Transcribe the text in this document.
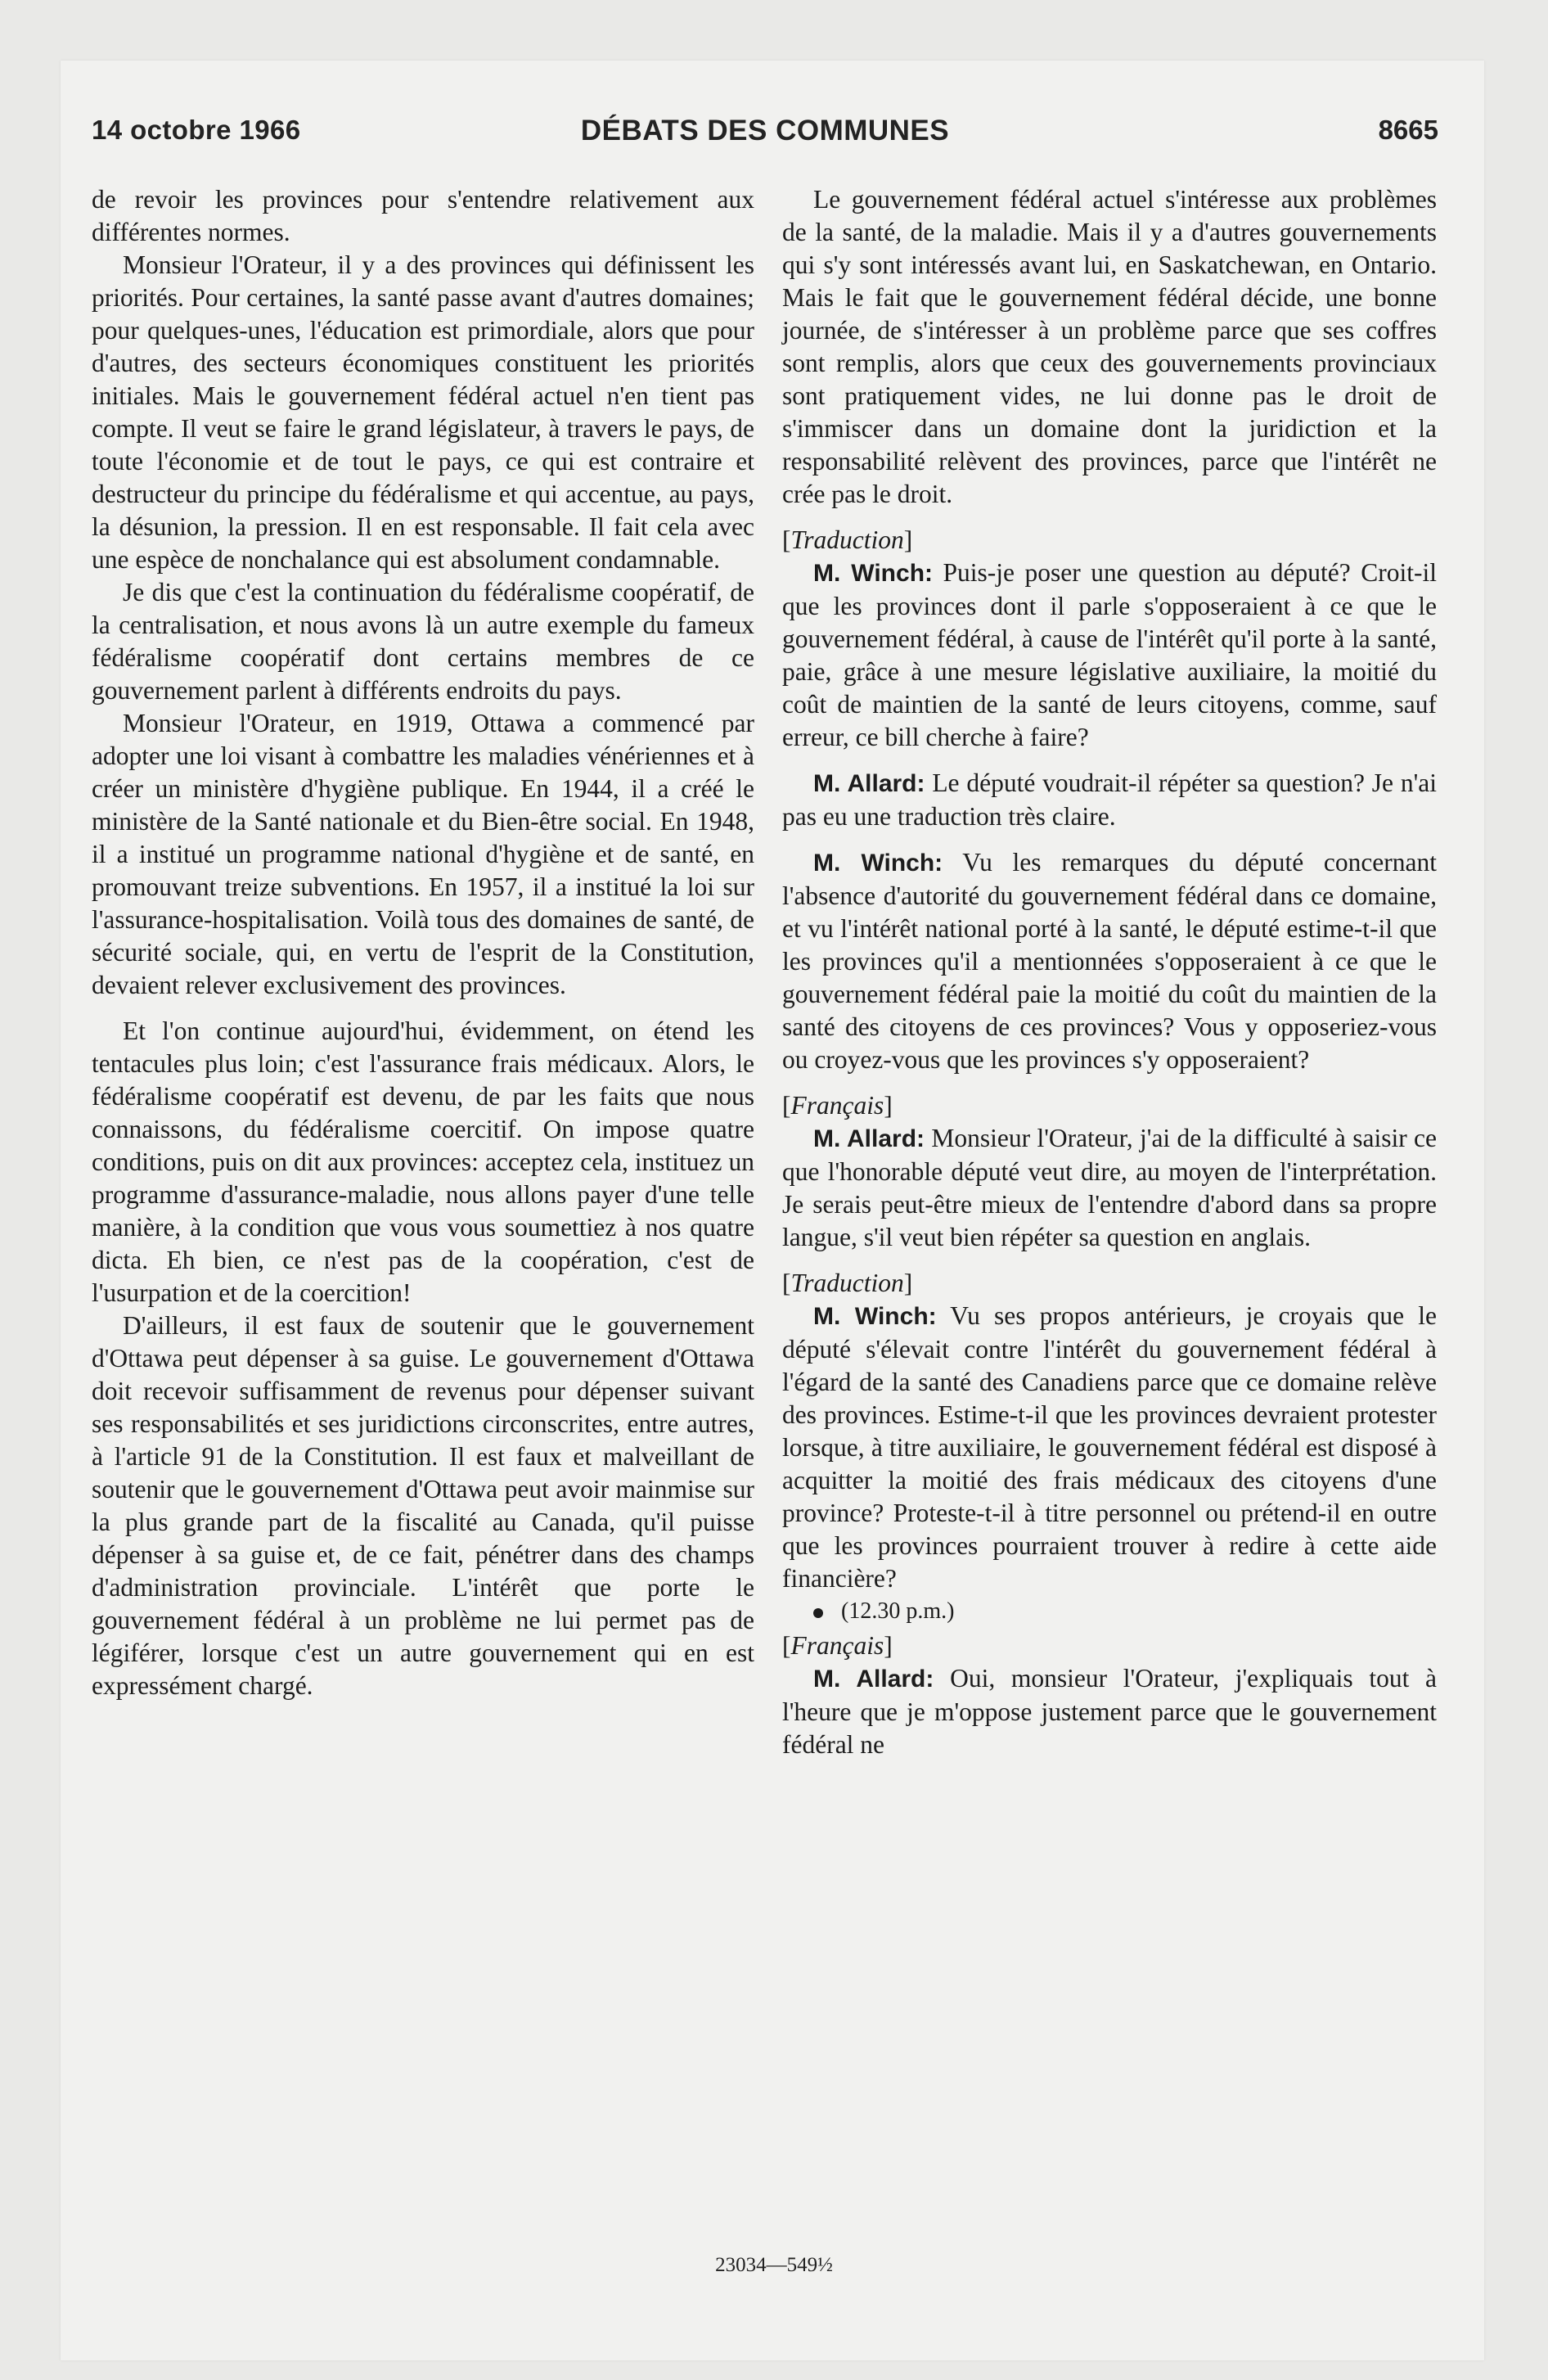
14 octobre 1966	DÉBATS DES COMMUNES	8665

de revoir les provinces pour s'entendre relativement aux différentes normes.

Monsieur l'Orateur, il y a des provinces qui définissent les priorités. Pour certaines, la santé passe avant d'autres domaines; pour quelques-unes, l'éducation est primordiale, alors que pour d'autres, des secteurs économiques constituent les priorités initiales. Mais le gouvernement fédéral actuel n'en tient pas compte. Il veut se faire le grand législateur, à travers le pays, de toute l'économie et de tout le pays, ce qui est contraire et destructeur du principe du fédéralisme et qui accentue, au pays, la désunion, la pression. Il en est responsable. Il fait cela avec une espèce de nonchalance qui est absolument condamnable.

Je dis que c'est la continuation du fédéralisme coopératif, de la centralisation, et nous avons là un autre exemple du fameux fédéralisme coopératif dont certains membres de ce gouvernement parlent à différents endroits du pays.

Monsieur l'Orateur, en 1919, Ottawa a commencé par adopter une loi visant à combattre les maladies vénériennes et à créer un ministère d'hygiène publique. En 1944, il a créé le ministère de la Santé nationale et du Bien-être social. En 1948, il a institué un programme national d'hygiène et de santé, en promouvant treize subventions. En 1957, il a institué la loi sur l'assurance-hospitalisation. Voilà tous des domaines de santé, de sécurité sociale, qui, en vertu de l'esprit de la Constitution, devaient relever exclusivement des provinces.

Et l'on continue aujourd'hui, évidemment, on étend les tentacules plus loin; c'est l'assurance frais médicaux. Alors, le fédéralisme coopératif est devenu, de par les faits que nous connaissons, du fédéralisme coercitif. On impose quatre conditions, puis on dit aux provinces: acceptez cela, instituez un programme d'assurance-maladie, nous allons payer d'une telle manière, à la condition que vous vous soumettiez à nos quatre dicta. Eh bien, ce n'est pas de la coopération, c'est de l'usurpation et de la coercition!

D'ailleurs, il est faux de soutenir que le gouvernement d'Ottawa peut dépenser à sa guise. Le gouvernement d'Ottawa doit recevoir suffisamment de revenus pour dépenser suivant ses responsabilités et ses juridictions circonscrites, entre autres, à l'article 91 de la Constitution. Il est faux et malveillant de soutenir que le gouvernement d'Ottawa peut avoir mainmise sur la plus grande part de la fiscalité au Canada, qu'il puisse dépenser à sa guise et, de ce fait, pénétrer dans des champs d'administration provinciale. L'intérêt que porte le gouvernement fédéral à un problème ne lui permet pas de légiférer, lorsque c'est un autre gouvernement qui en est expressément chargé.

Le gouvernement fédéral actuel s'intéresse aux problèmes de la santé, de la maladie. Mais il y a d'autres gouvernements qui s'y sont intéressés avant lui, en Saskatchewan, en Ontario. Mais le fait que le gouvernement fédéral décide, une bonne journée, de s'intéresser à un problème parce que ses coffres sont remplis, alors que ceux des gouvernements provinciaux sont pratiquement vides, ne lui donne pas le droit de s'immiscer dans un domaine dont la juridiction et la responsabilité relèvent des provinces, parce que l'intérêt ne crée pas le droit.

[Traduction]

M. Winch: Puis-je poser une question au député? Croit-il que les provinces dont il parle s'opposeraient à ce que le gouvernement fédéral, à cause de l'intérêt qu'il porte à la santé, paie, grâce à une mesure législative auxiliaire, la moitié du coût de maintien de la santé de leurs citoyens, comme, sauf erreur, ce bill cherche à faire?

M. Allard: Le député voudrait-il répéter sa question? Je n'ai pas eu une traduction très claire.

M. Winch: Vu les remarques du député concernant l'absence d'autorité du gouvernement fédéral dans ce domaine, et vu l'intérêt national porté à la santé, le député estime-t-il que les provinces qu'il a mentionnées s'opposeraient à ce que le gouvernement fédéral paie la moitié du coût du maintien de la santé des citoyens de ces provinces? Vous y opposeriez-vous ou croyez-vous que les provinces s'y opposeraient?

[Français]

M. Allard: Monsieur l'Orateur, j'ai de la difficulté à saisir ce que l'honorable député veut dire, au moyen de l'interprétation. Je serais peut-être mieux de l'entendre d'abord dans sa propre langue, s'il veut bien répéter sa question en anglais.

[Traduction]

M. Winch: Vu ses propos antérieurs, je croyais que le député s'élevait contre l'intérêt du gouvernement fédéral à l'égard de la santé des Canadiens parce que ce domaine relève des provinces. Estime-t-il que les provinces devraient protester lorsque, à titre auxiliaire, le gouvernement fédéral est disposé à acquitter la moitié des frais médicaux des citoyens d'une province? Proteste-t-il à titre personnel ou prétend-il en outre que les provinces pourraient trouver à redire à cette aide financière?

(12.30 p.m.)

[Français]

M. Allard: Oui, monsieur l'Orateur, j'expliquais tout à l'heure que je m'oppose justement parce que le gouvernement fédéral ne

23034—549½
